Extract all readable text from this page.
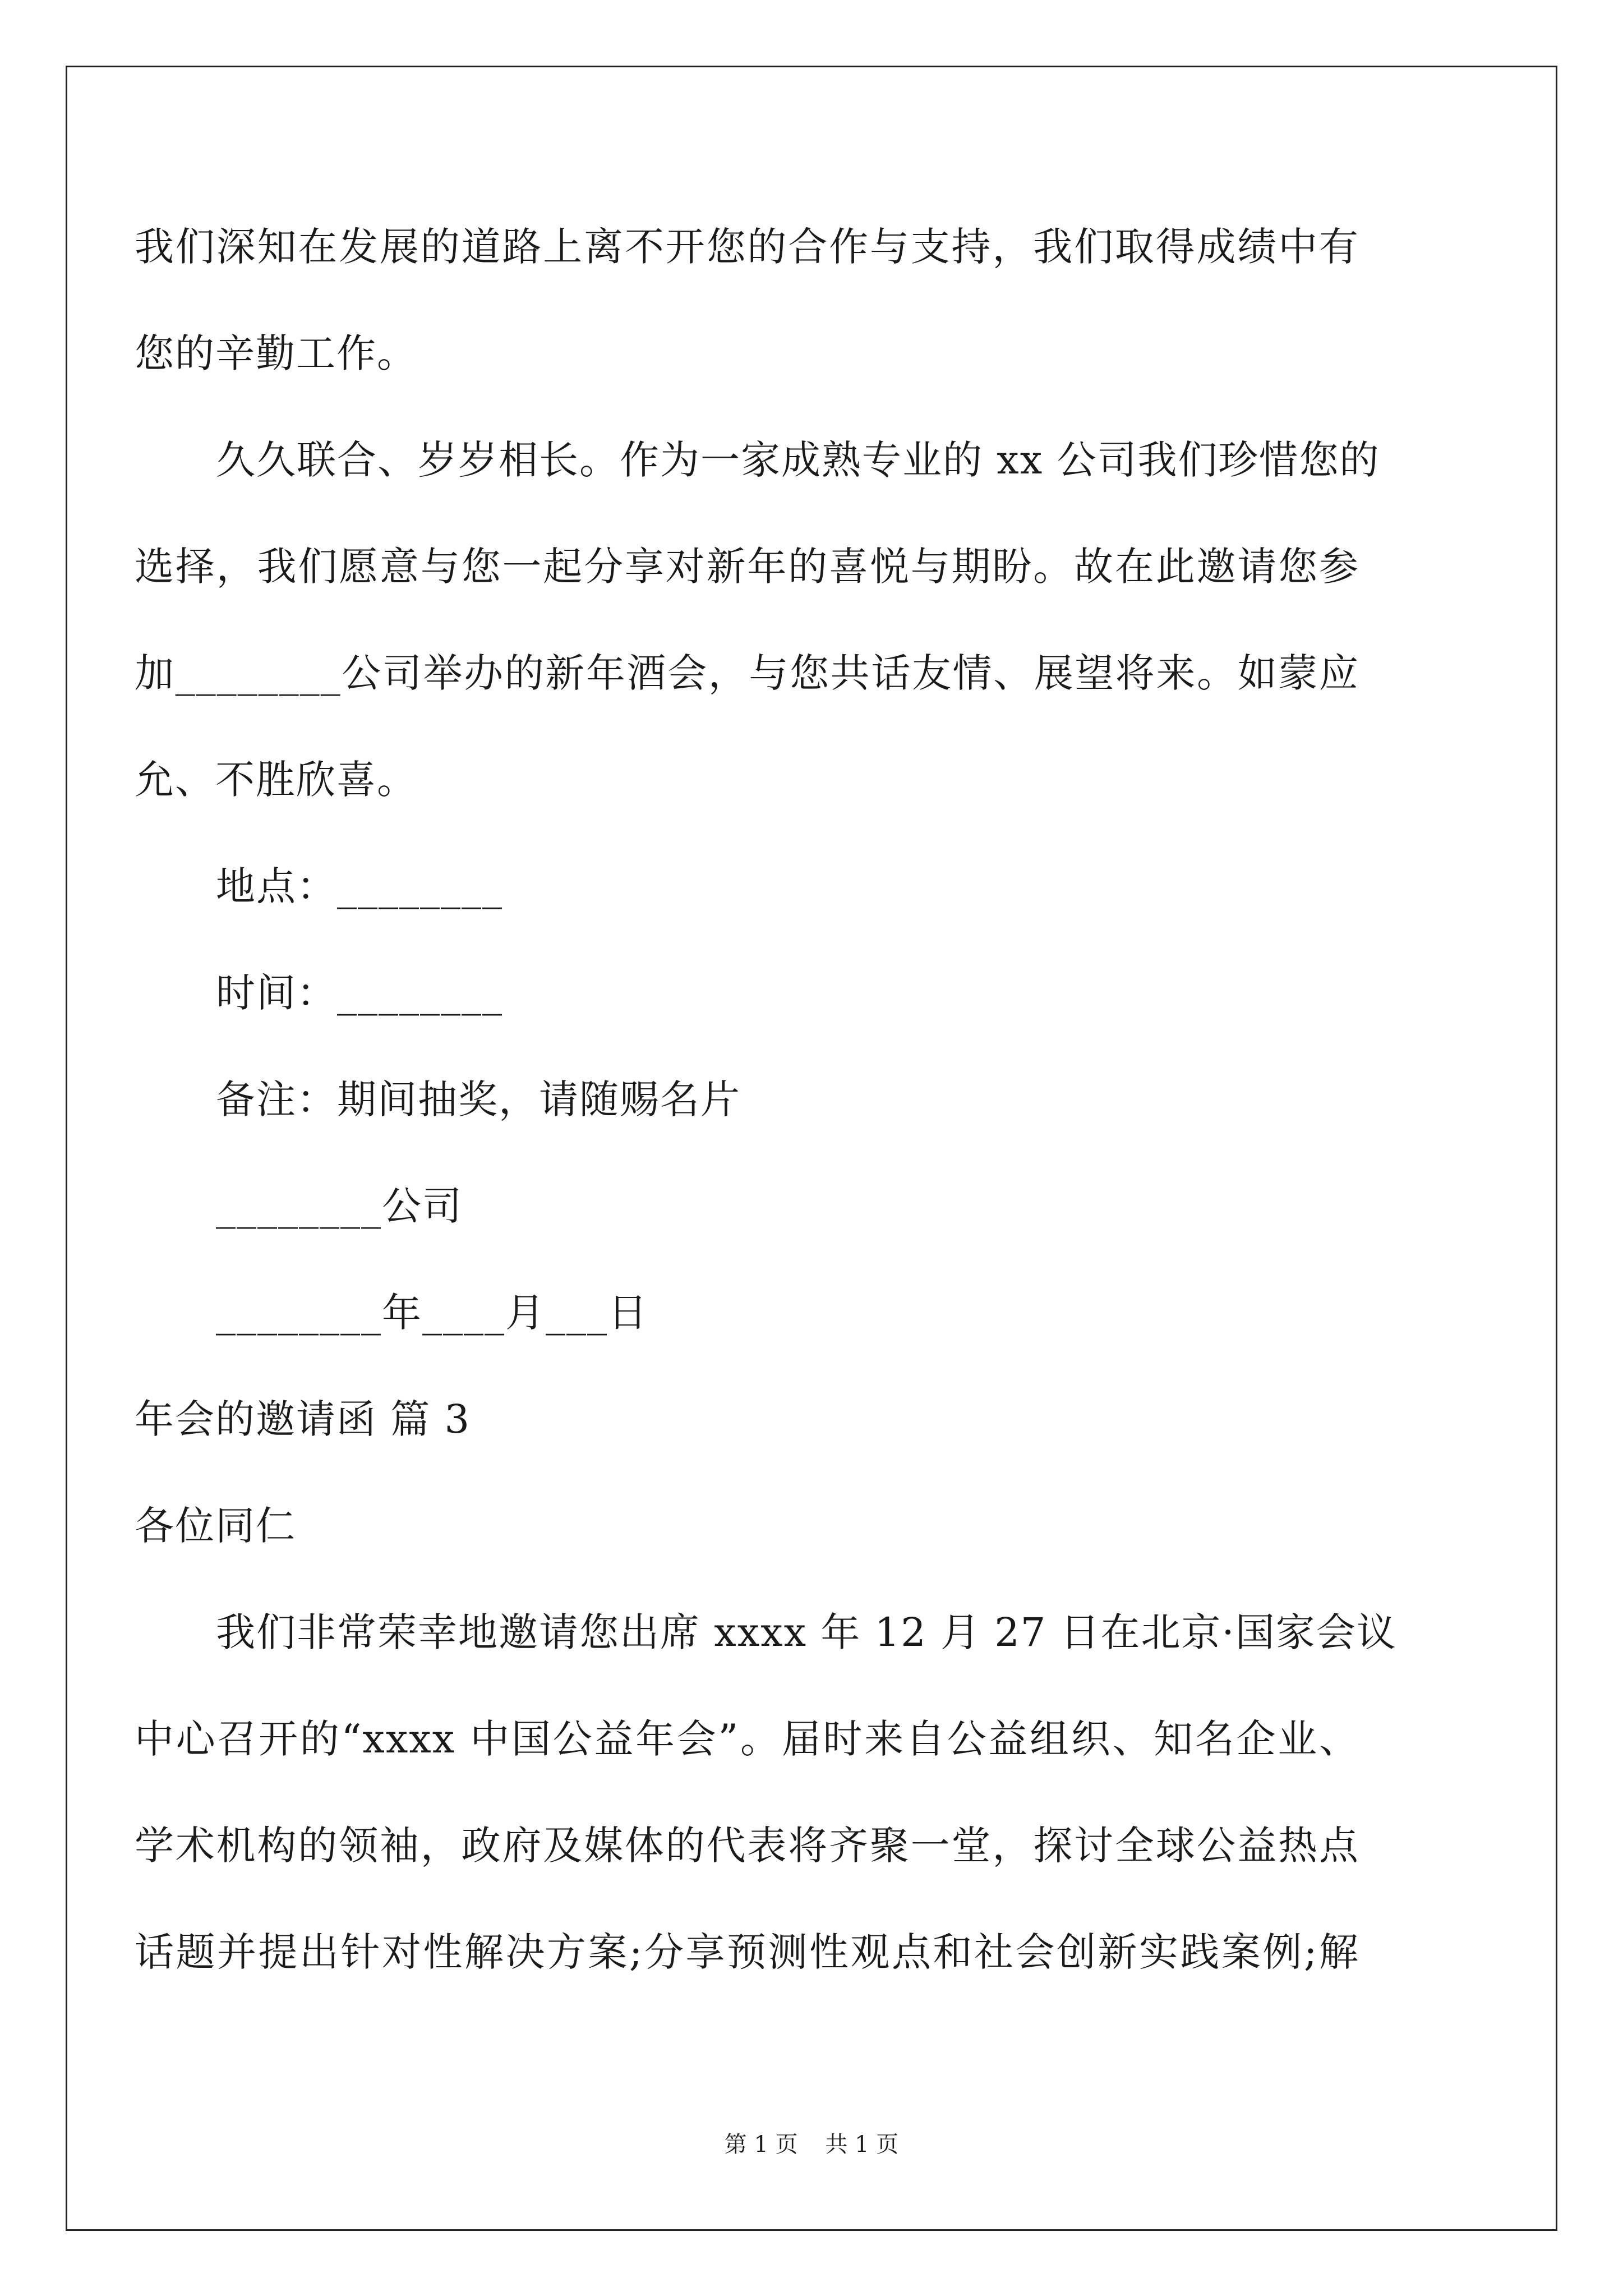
我们深知在发展的道路上离不开您的合作与支持，我们取得成绩中有
您的辛勤工作。
久久联合、岁岁相长。作为一家成熟专业的 xx 公司我们珍惜您的
选择，我们愿意与您一起分享对新年的喜悦与期盼。故在此邀请您参
加________公司举办的新年酒会，与您共话友情、展望将来。如蒙应
允、不胜欣喜。
地点：________
时间：________
备注：期间抽奖，请随赐名片
________公司
________年____月___日
年会的邀请函 篇 3
各位同仁
我们非常荣幸地邀请您出席 xxxx 年 12 月 27 日在北京·国家会议
中心召开的“xxxx 中国公益年会”。届时来自公益组织、知名企业、
学术机构的领袖，政府及媒体的代表将齐聚一堂，探讨全球公益热点
话题并提出针对性解决方案;分享预测性观点和社会创新实践案例;解
第 1 页 共 1 页
